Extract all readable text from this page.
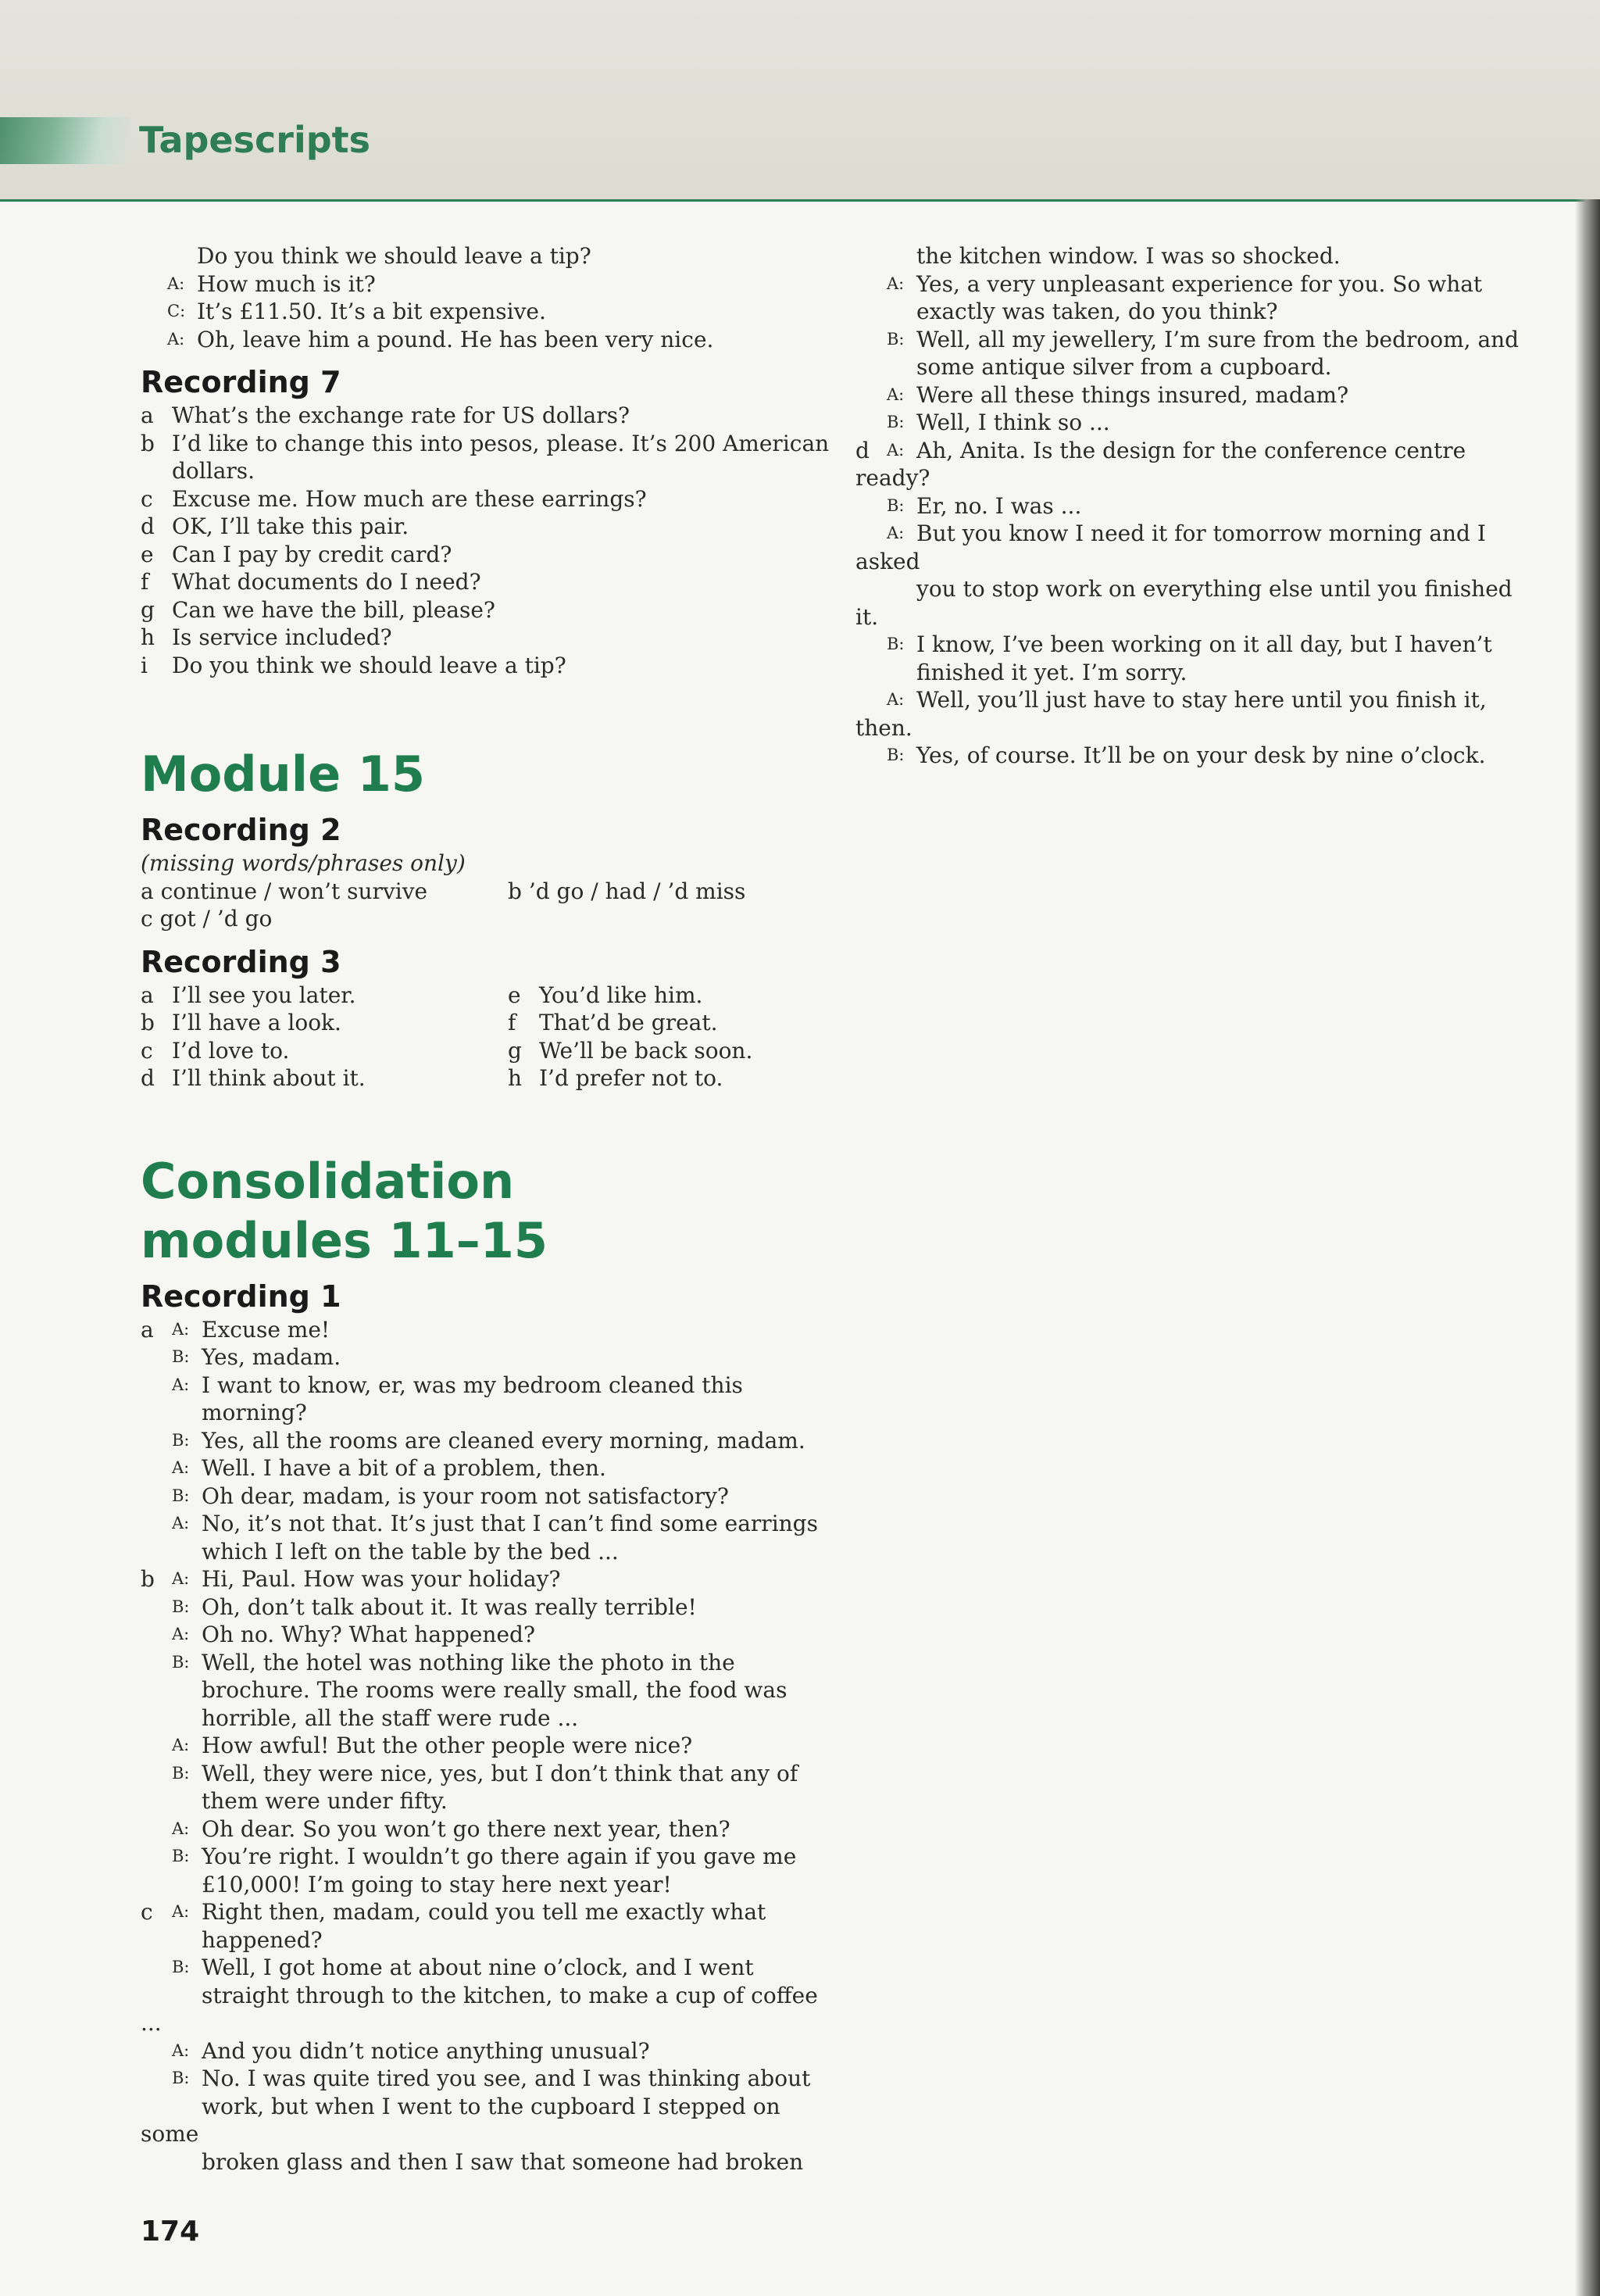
Tapescripts
Do you think we should leave a tip?
A: How much is it?
C: It’s £11.50. It’s a bit expensive.
A: Oh, leave him a pound. He has been very nice.
Recording 7
a What’s the exchange rate for US dollars?
b I’d like to change this into pesos, please. It’s 200 American
dollars.
c Excuse me. How much are these earrings?
d OK, I’ll take this pair.
e Can I pay by credit card?
f What documents do I need?
g Can we have the bill, please?
h Is service included?
i Do you think we should leave a tip?
Module 15
Recording 2
(missing words/phrases only)
a continue / won’t survive
c got / ’d go
b ’d go / had / ’d miss
Recording 3
a I’ll see you later.
b I’ll have a look.
c I’d love to.
d I’ll think about it.
e You’d like him.
f That’d be great.
g We’ll be back soon.
h I’d prefer not to.
Consolidation
modules 11–15
Recording 1
a A: Excuse me!
B: Yes, madam.
A: I want to know, er, was my bedroom cleaned this
morning?
B: Yes, all the rooms are cleaned every morning, madam.
A: Well. I have a bit of a problem, then.
B: Oh dear, madam, is your room not satisfactory?
A: No, it’s not that. It’s just that I can’t find some earrings
which I left on the table by the bed ...
b A: Hi, Paul. How was your holiday?
B: Oh, don’t talk about it. It was really terrible!
A: Oh no. Why? What happened?
B: Well, the hotel was nothing like the photo in the
brochure. The rooms were really small, the food was
horrible, all the staff were rude ...
A: How awful! But the other people were nice?
B: Well, they were nice, yes, but I don’t think that any of
them were under fifty.
A: Oh dear. So you won’t go there next year, then?
B: You’re right. I wouldn’t go there again if you gave me
£10,000! I’m going to stay here next year!
c A: Right then, madam, could you tell me exactly what
happened?
B: Well, I got home at about nine o’clock, and I went
straight through to the kitchen, to make a cup of coffee ...
A: And you didn’t notice anything unusual?
B: No. I was quite tired you see, and I was thinking about
work, but when I went to the cupboard I stepped on some
broken glass and then I saw that someone had broken
the kitchen window. I was so shocked.
A: Yes, a very unpleasant experience for you. So what
exactly was taken, do you think?
B: Well, all my jewellery, I’m sure from the bedroom, and
some antique silver from a cupboard.
A: Were all these things insured, madam?
B: Well, I think so ...
d A: Ah, Anita. Is the design for the conference centre ready?
B: Er, no. I was ...
A: But you know I need it for tomorrow morning and I asked
you to stop work on everything else until you finished it.
B: I know, I’ve been working on it all day, but I haven’t
finished it yet. I’m sorry.
A: Well, you’ll just have to stay here until you finish it, then.
B: Yes, of course. It’ll be on your desk by nine o’clock.
174
